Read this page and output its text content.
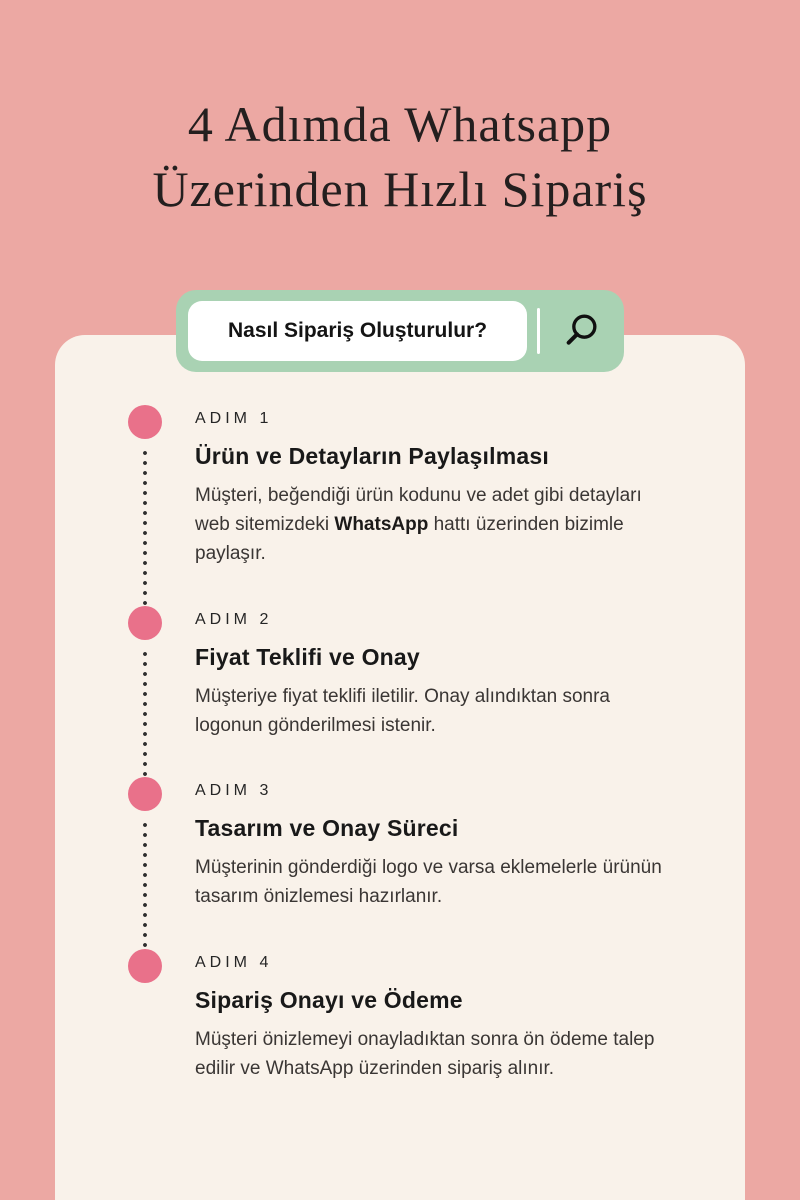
4 Adımda Whatsapp
Üzerinden Hızlı Sipariş
ADIM 1
Ürün ve Detayların Paylaşılması
Müşteri, beğendiği ürün kodunu ve adet gibi detayları web sitemizdeki WhatsApp hattı üzerinden bizimle paylaşır.
ADIM 2
Fiyat Teklifi ve Onay
Müşteriye fiyat teklifi iletilir. Onay alındıktan sonra logonun gönderilmesi istenir.
ADIM 3
Tasarım ve Onay Süreci
Müşterinin gönderdiği logo ve varsa eklemelerle ürünün tasarım önizlemesi hazırlanır.
ADIM 4
Sipariş Onayı ve Ödeme
Müşteri önizlemeyi onayladıktan sonra ön ödeme talep edilir ve WhatsApp üzerinden sipariş alınır.
Nasıl Sipariş Oluşturulur?
